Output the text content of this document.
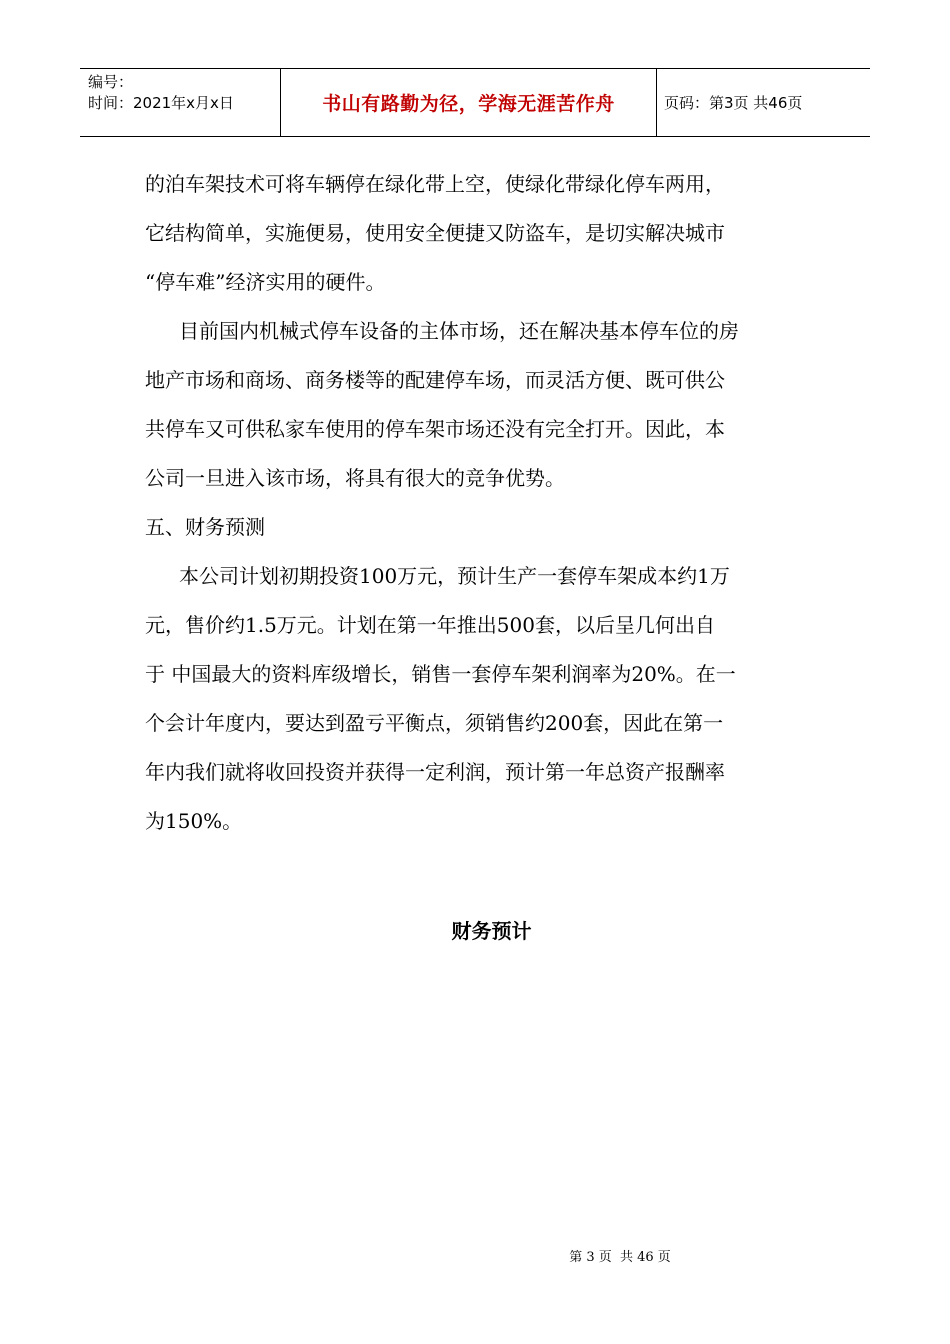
编号：
时间：2021年x月x日	书山有路勤为径，学海无涯苦作舟	页码：第3页 共46页

的泊车架技术可将车辆停在绿化带上空，使绿化带绿化停车两用，

它结构简单，实施便易，使用安全便捷又防盗车，是切实解决城市

“停车难”经济实用的硬件。

目前国内机械式停车设备的主体市场，还在解决基本停车位的房

地产市场和商场、商务楼等的配建停车场，而灵活方便、既可供公

共停车又可供私家车使用的停车架市场还没有完全打开。因此，本

公司一旦进入该市场，将具有很大的竞争优势。

五、财务预测

本公司计划初期投资100万元，预计生产一套停车架成本约1万

元，售价约1.5万元。计划在第一年推出500套，以后呈几何出自

于 中国最大的资料库级增长，销售一套停车架利润率为20%。在一

个会计年度内，要达到盈亏平衡点，须销售约200套，因此在第一

年内我们就将收回投资并获得一定利润，预计第一年总资产报酬率

为150%。

财务预计
第 3 页  共 46 页
